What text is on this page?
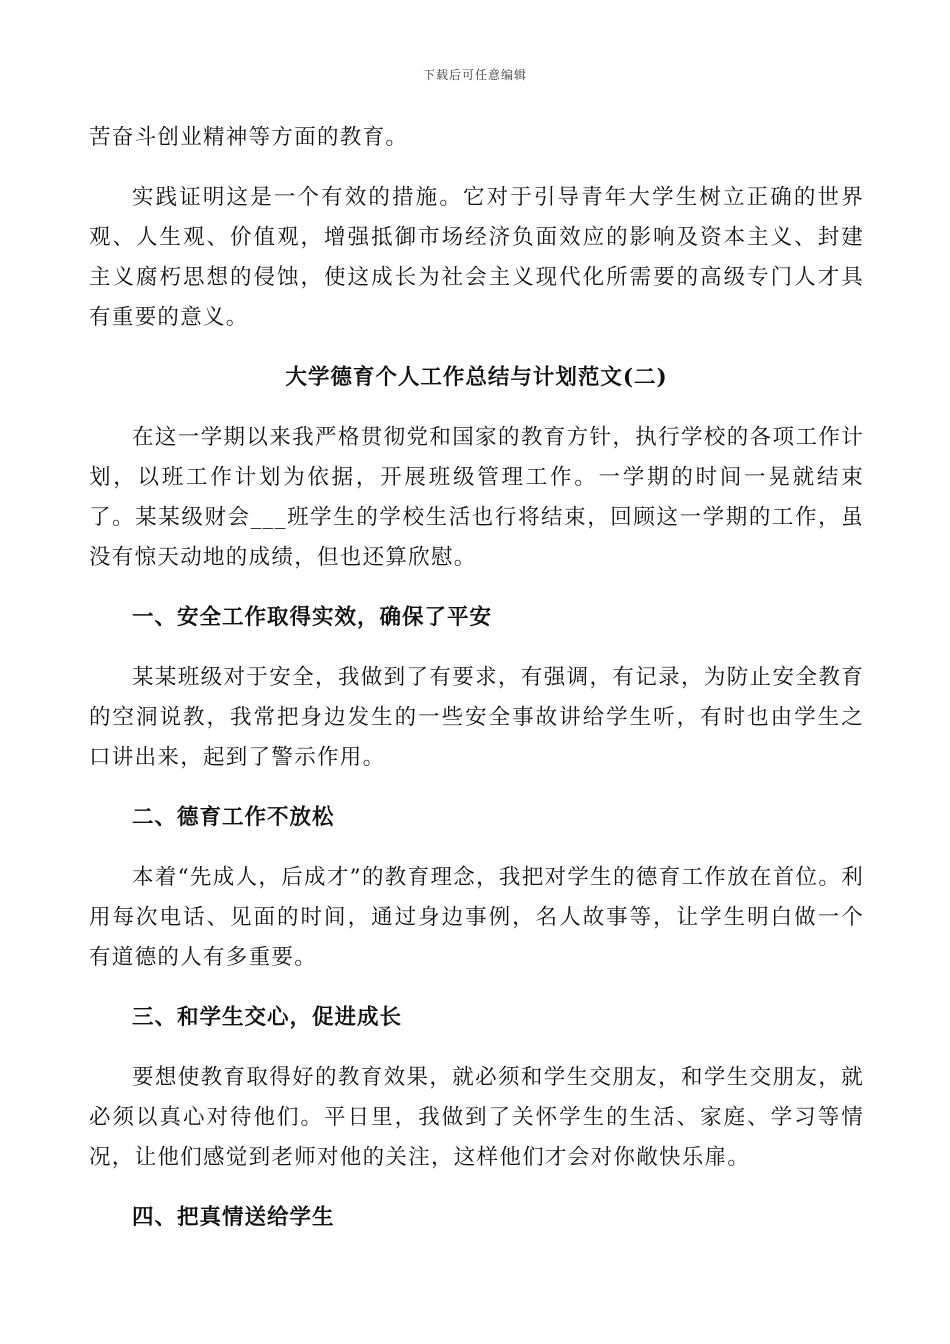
下载后可任意编辑

苦奋斗创业精神等方面的教育。

实践证明这是一个有效的措施。它对于引导青年大学生树立正确的世界观、人生观、价值观，增强抵御市场经济负面效应的影响及资本主义、封建主义腐朽思想的侵蚀，使这成长为社会主义现代化所需要的高级专门人才具有重要的意义。

大学德育个人工作总结与计划范文(二)

在这一学期以来我严格贯彻党和国家的教育方针，执行学校的各项工作计划，以班工作计划为依据，开展班级管理工作。一学期的时间一晃就结束了。某某级财会___班学生的学校生活也行将结束，回顾这一学期的工作，虽没有惊天动地的成绩，但也还算欣慰。

一、安全工作取得实效，确保了平安

某某班级对于安全，我做到了有要求，有强调，有记录，为防止安全教育的空洞说教，我常把身边发生的一些安全事故讲给学生听，有时也由学生之口讲出来，起到了警示作用。

二、德育工作不放松

本着“先成人，后成才”的教育理念，我把对学生的德育工作放在首位。利用每次电话、见面的时间，通过身边事例，名人故事等，让学生明白做一个有道德的人有多重要。

三、和学生交心，促进成长

要想使教育取得好的教育效果，就必须和学生交朋友，和学生交朋友，就必须以真心对待他们。平日里，我做到了关怀学生的生活、家庭、学习等情况，让他们感觉到老师对他的关注，这样他们才会对你敞快乐扉。

四、把真情送给学生
